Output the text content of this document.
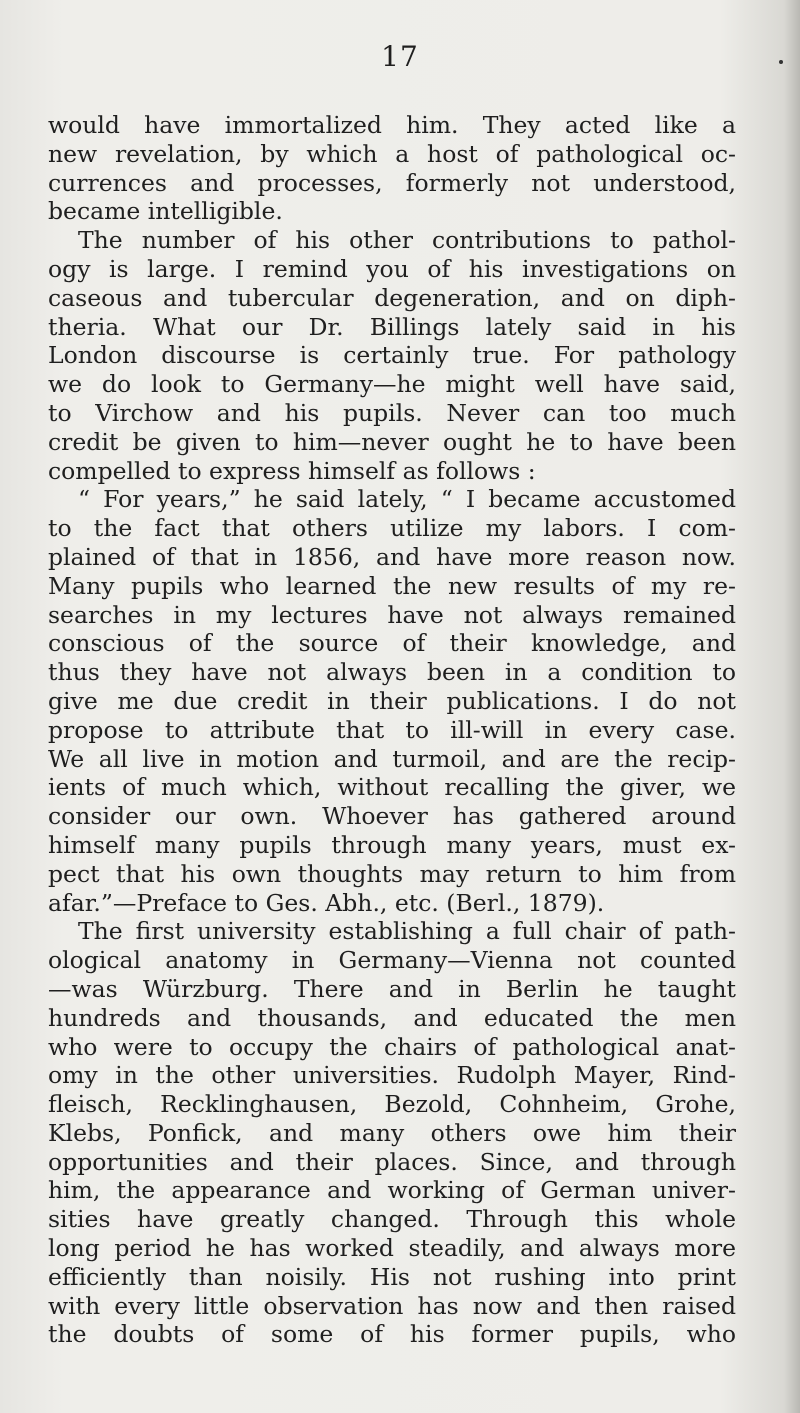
17
would have immortalized him. They acted like a
new revelation, by which a host of pathological oc-
currences and processes, formerly not understood,
became intelligible.
The number of his other contributions to pathol-
ogy is large. I remind you of his investigations on
caseous and tubercular degeneration, and on diph-
theria. What our Dr. Billings lately said in his
London discourse is certainly true. For pathology
we do look to Germany—he might well have said,
to Virchow and his pupils. Never can too much
credit be given to him—never ought he to have been
compelled to express himself as follows :
“ For years,” he said lately, “ I became accustomed
to the fact that others utilize my labors. I com-
plained of that in 1856, and have more reason now.
Many pupils who learned the new results of my re-
searches in my lectures have not always remained
conscious of the source of their knowledge, and
thus they have not always been in a condition to
give me due credit in their publications. I do not
propose to attribute that to ill-will in every case.
We all live in motion and turmoil, and are the recip-
ients of much which, without recalling the giver, we
consider our own. Whoever has gathered around
himself many pupils through many years, must ex-
pect that his own thoughts may return to him from
afar.”—Preface to Ges. Abh., etc. (Berl., 1879).
The first university establishing a full chair of path-
ological anatomy in Germany—Vienna not counted
—was Würzburg. There and in Berlin he taught
hundreds and thousands, and educated the men
who were to occupy the chairs of pathological anat-
omy in the other universities. Rudolph Mayer, Rind-
fleisch, Recklinghausen, Bezold, Cohnheim, Grohe,
Klebs, Ponfick, and many others owe him their
opportunities and their places. Since, and through
him, the appearance and working of German univer-
sities have greatly changed. Through this whole
long period he has worked steadily, and always more
efficiently than noisily. His not rushing into print
with every little observation has now and then raised
the doubts of some of his former pupils, who
